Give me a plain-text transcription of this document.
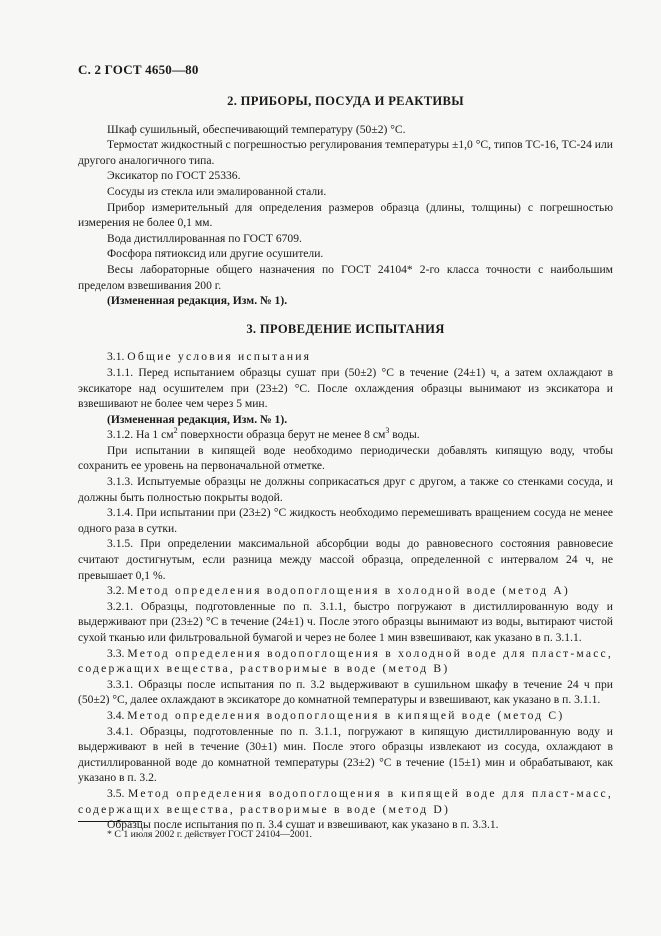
С. 2 ГОСТ 4650—80
2. ПРИБОРЫ, ПОСУДА И РЕАКТИВЫ

Шкаф сушильный, обеспечивающий температуру (50±2) °С.

Термостат жидкостный с погрешностью регулирования температуры ±1,0 °С, типов ТС-16, ТС-24 или другого аналогичного типа.

Эксикатор по ГОСТ 25336.

Сосуды из стекла или эмалированной стали.

Прибор измерительный для определения размеров образца (длины, толщины) с погрешностью измерения не более 0,1 мм.

Вода дистиллированная по ГОСТ 6709.

Фосфора пятиоксид или другие осушители.

Весы лабораторные общего назначения по ГОСТ 24104* 2-го класса точности с наибольшим пределом взвешивания 200 г.

(Измененная редакция, Изм. № 1).

3. ПРОВЕДЕНИЕ ИСПЫТАНИЯ

3.1. Общие условия испытания

3.1.1. Перед испытанием образцы сушат при (50±2) °С в течение (24±1) ч, а затем охлаждают в эксикаторе над осушителем при (23±2) °С. После охлаждения образцы вынимают из эксикатора и взвешивают не более чем через 5 мин.

(Измененная редакция, Изм. № 1).

3.1.2. На 1 $см^2$ поверхности образца берут не менее 8 $см^3$ воды.

При испытании в кипящей воде необходимо периодически добавлять кипящую воду, чтобы сохранить ее уровень на первоначальной отметке.

3.1.3. Испытуемые образцы не должны соприкасаться друг с другом, а также со стенками сосуда, и должны быть полностью покрыты водой.

3.1.4. При испытании при (23±2) °С жидкость необходимо перемешивать вращением сосуда не менее одного раза в сутки.

3.1.5. При определении максимальной абсорбции воды до равновесного состояния равновесие считают достигнутым, если разница между массой образца, определенной с интервалом 24 ч, не превышает 0,1 %.

3.2. Метод определения водопоглощения в холодной воде (метод А)

3.2.1. Образцы, подготовленные по п. 3.1.1, быстро погружают в дистиллированную воду и выдерживают при (23±2) °С в течение (24±1) ч. После этого образцы вынимают из воды, вытирают чистой сухой тканью или фильтровальной бумагой и через не более 1 мин взвешивают, как указано в п. 3.1.1.

3.3. Метод определения водопоглощения в холодной воде для пласт-масс, содержащих вещества, растворимые в воде (метод В)

3.3.1. Образцы после испытания по п. 3.2 выдерживают в сушильном шкафу в течение 24 ч при (50±2) °С, далее охлаждают в эксикаторе до комнатной температуры и взвешивают, как указано в п. 3.1.1.

3.4. Метод определения водопоглощения в кипящей воде (метод С)

3.4.1. Образцы, подготовленные по п. 3.1.1, погружают в кипящую дистиллированную воду и выдерживают в ней в течение (30±1) мин. После этого образцы извлекают из сосуда, охлаждают в дистиллированной воде до комнатной температуры (23±2) °С в течение (15±1) мин и обрабатывают, как указано в п. 3.2.

3.5. Метод определения водопоглощения в кипящей воде для пласт-масс, содержащих вещества, растворимые в воде (метод D)

Образцы после испытания по п. 3.4 сушат и взвешивают, как указано в п. 3.3.1.

* С 1 июля 2002 г. действует ГОСТ 24104—2001.
